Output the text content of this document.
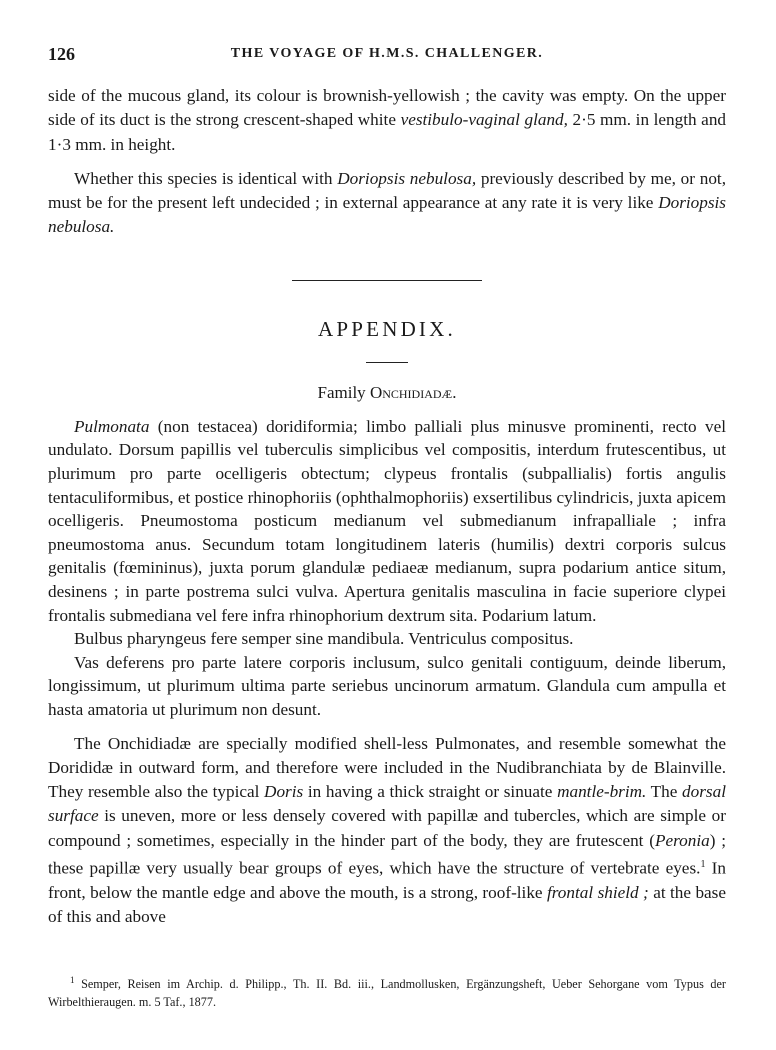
126	THE VOYAGE OF H.M.S. CHALLENGER.

side of the mucous gland, its colour is brownish-yellowish ; the cavity was empty. On the upper side of its duct is the strong crescent-shaped white vestibulo-vaginal gland, 2·5 mm. in length and 1·3 mm. in height.

Whether this species is identical with Doriopsis nebulosa, previously described by me, or not, must be for the present left undecided ; in external appearance at any rate it is very like Doriopsis nebulosa.

APPENDIX.
Family Onchidiadæ.

Pulmonata (non testacea) doridiformia; limbo palliali plus minusve prominenti, recto vel undulato. Dorsum papillis vel tuberculis simplicibus vel compositis, interdum frutescentibus, ut plurimum pro parte ocelligeris obtectum; clypeus frontalis (subpallialis) fortis angulis tentaculiformibus, et postice rhinophoriis (ophthalmophoriis) exsertilibus cylindricis, juxta apicem ocelligeris. Pneumostoma posticum medianum vel submedianum infrapalliale ; infra pneumostoma anus. Secundum totam longitudinem lateris (humilis) dextri corporis sulcus genitalis (fœmininus), juxta porum glandulæ pediaeæ medianum, supra podarium antice situm, desinens ; in parte postrema sulci vulva. Apertura genitalis masculina in facie superiore clypei frontalis submediana vel fere infra rhinophorium dextrum sita. Podarium latum.

Bulbus pharyngeus fere semper sine mandibula. Ventriculus compositus.

Vas deferens pro parte latere corporis inclusum, sulco genitali contiguum, deinde liberum, longissimum, ut plurimum ultima parte seriebus uncinorum armatum. Glandula cum ampulla et hasta amatoria ut plurimum non desunt.

The Onchidiadæ are specially modified shell-less Pulmonates, and resemble somewhat the Dorididæ in outward form, and therefore were included in the Nudibranchiata by de Blainville. They resemble also the typical Doris in having a thick straight or sinuate mantle-brim. The dorsal surface is uneven, more or less densely covered with papillæ and tubercles, which are simple or compound ; sometimes, especially in the hinder part of the body, they are frutescent (Peronia) ; these papillæ very usually bear groups of eyes, which have the structure of vertebrate eyes.$^1$ In front, below the mantle edge and above the mouth, is a strong, roof-like frontal shield ; at the base of this and above

$^1$ Semper, Reisen im Archip. d. Philipp., Th. II. Bd. iii., Landmollusken, Ergänzungsheft, Ueber Sehorgane vom Typus der Wirbelthieraugen. m. 5 Taf., 1877.
